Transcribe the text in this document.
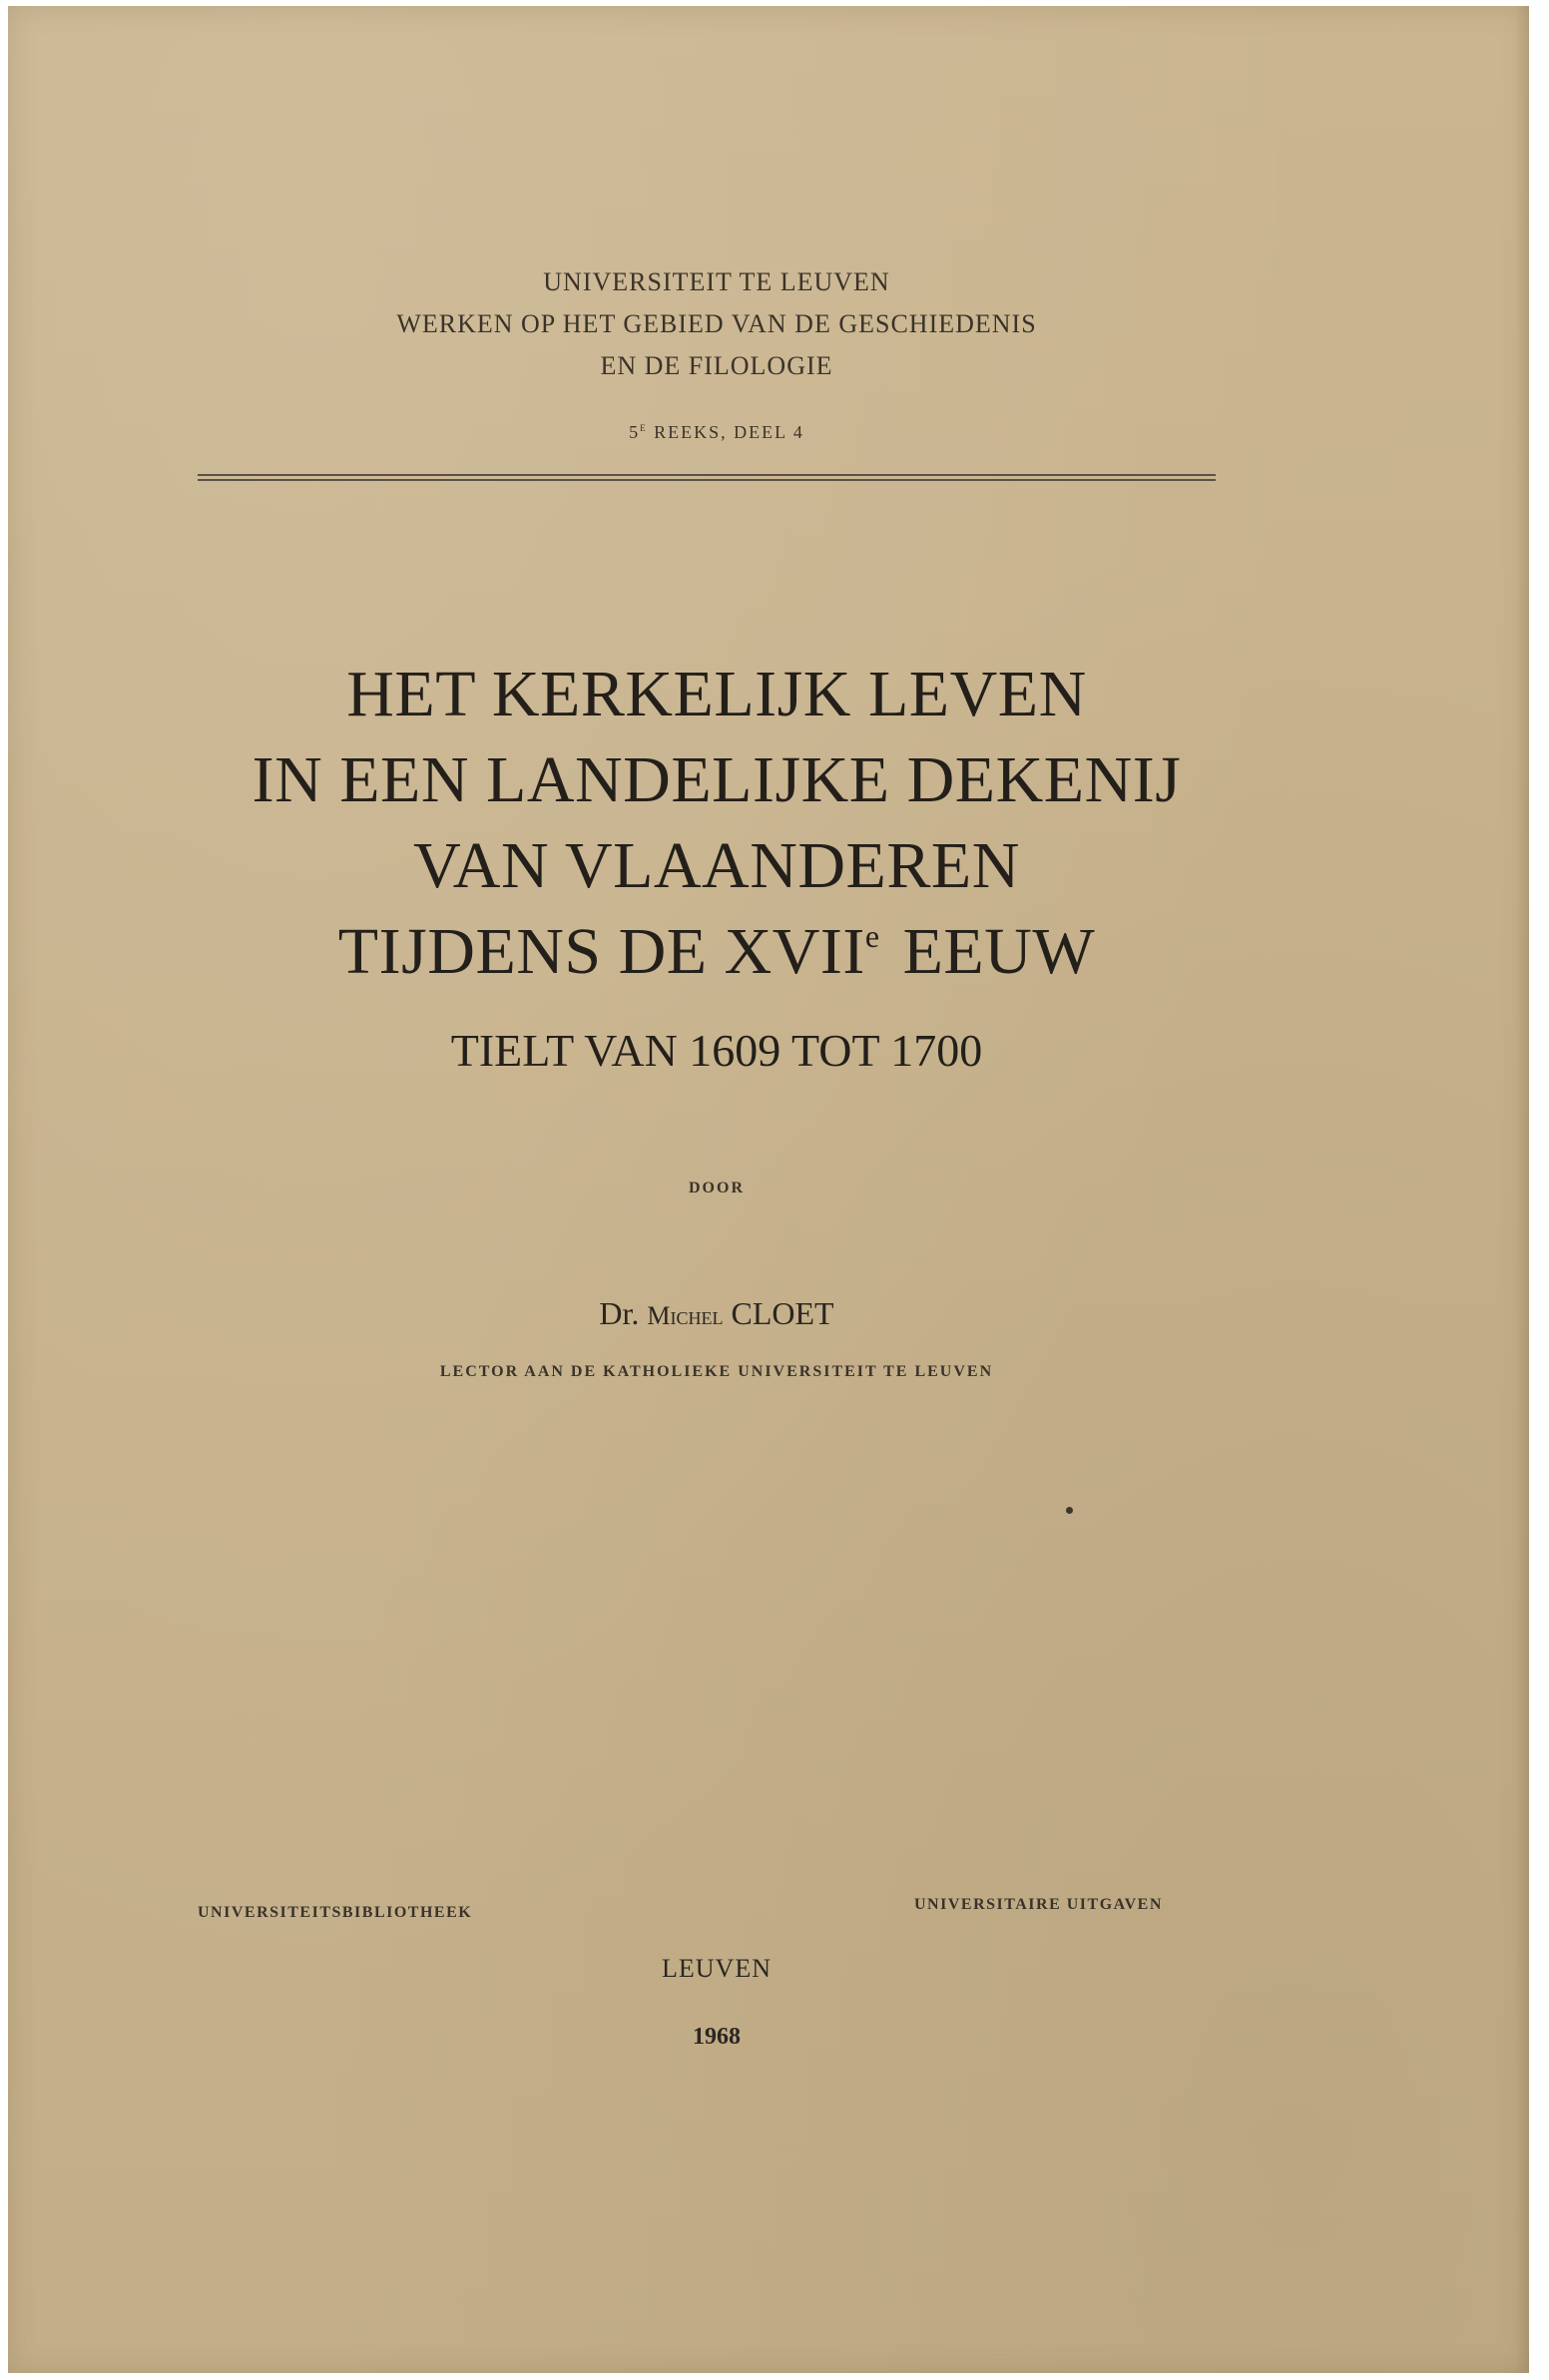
UNIVERSITEIT TE LEUVEN
WERKEN OP HET GEBIED VAN DE GESCHIEDENIS
EN DE FILOLOGIE
5e REEKS, DEEL 4
HET KERKELIJK LEVEN
IN EEN LANDELIJKE DEKENIJ
VAN VLAANDEREN
TIJDENS DE XVIIe EEUW
TIELT VAN 1609 TOT 1700
DOOR
Dr. Michel CLOET
LECTOR AAN DE KATHOLIEKE UNIVERSITEIT TE LEUVEN
UNIVERSITEITSBIBLIOTHEEK	UNIVERSITAIRE UITGAVEN
LEUVEN
1968
